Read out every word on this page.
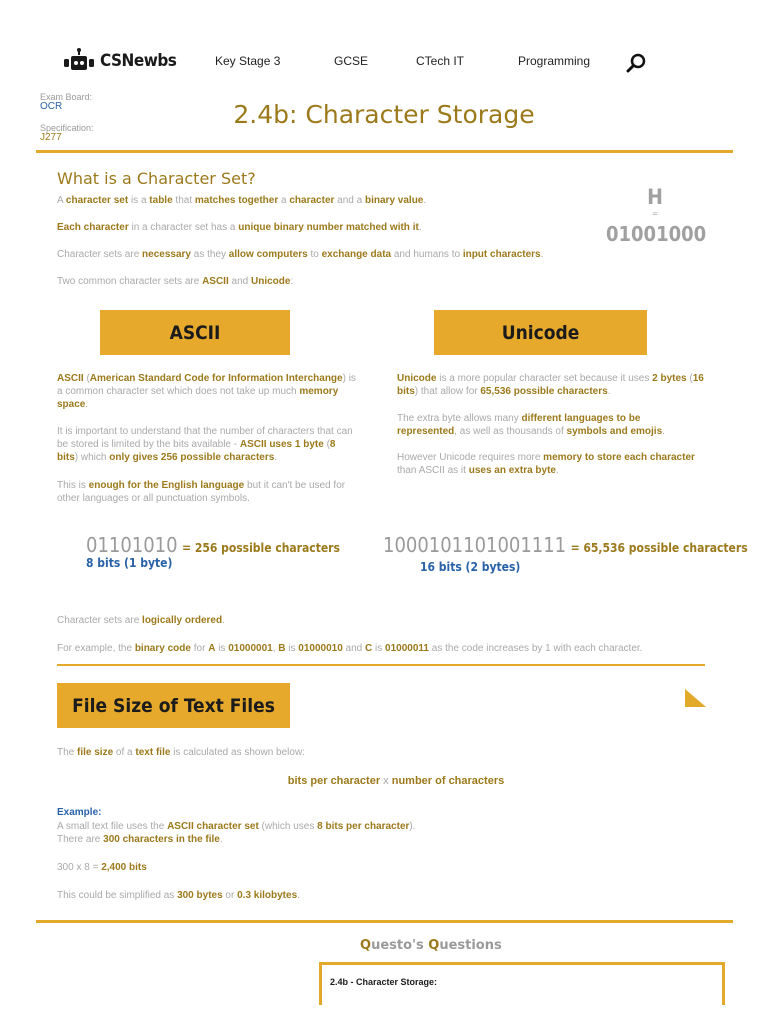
CSNewbs	Key Stage 3	GCSE	CTech IT	Programming
Exam Board:
OCR
Specification:
J277
2.4b: Character Storage
What is a Character Set?
A character set is a table that matches together a character and a binary value.
Each character in a character set has a unique binary number matched with it.
Character sets are necessary as they allow computers to exchange data and humans to input characters.
Two common character sets are ASCII and Unicode:
H
=
01001000
ASCII	Unicode
ASCII (American Standard Code for Information Interchange) is a common character set which does not take up much memory space.
It is important to understand that the number of characters that can be stored is limited by the bits available - ASCII uses 1 byte (8 bits) which only gives 256 possible characters.
This is enough for the English language but it can't be used for other languages or all punctuation symbols.
Unicode is a more popular character set because it uses 2 bytes (16 bits) that allow for 65,536 possible characters.
The extra byte allows many different languages to be represented, as well as thousands of symbols and emojis.
However Unicode requires more memory to store each character than ASCII as it uses an extra byte.
01101010 = 256 possible characters
8 bits (1 byte)
1000101101001111 = 65,536 possible characters
16 bits (2 bytes)
Character sets are logically ordered.
For example, the binary code for A is 01000001, B is 01000010 and C is 01000011 as the code increases by 1 with each character.
File Size of Text Files
The file size of a text file is calculated as shown below:
bits per character x number of characters
Example:
A small text file uses the ASCII character set (which uses 8 bits per character).
There are 300 characters in the file.
300 x 8 = 2,400 bits
This could be simplified as 300 bytes or 0.3 kilobytes.
Questo's Questions
2.4b - Character Storage:
